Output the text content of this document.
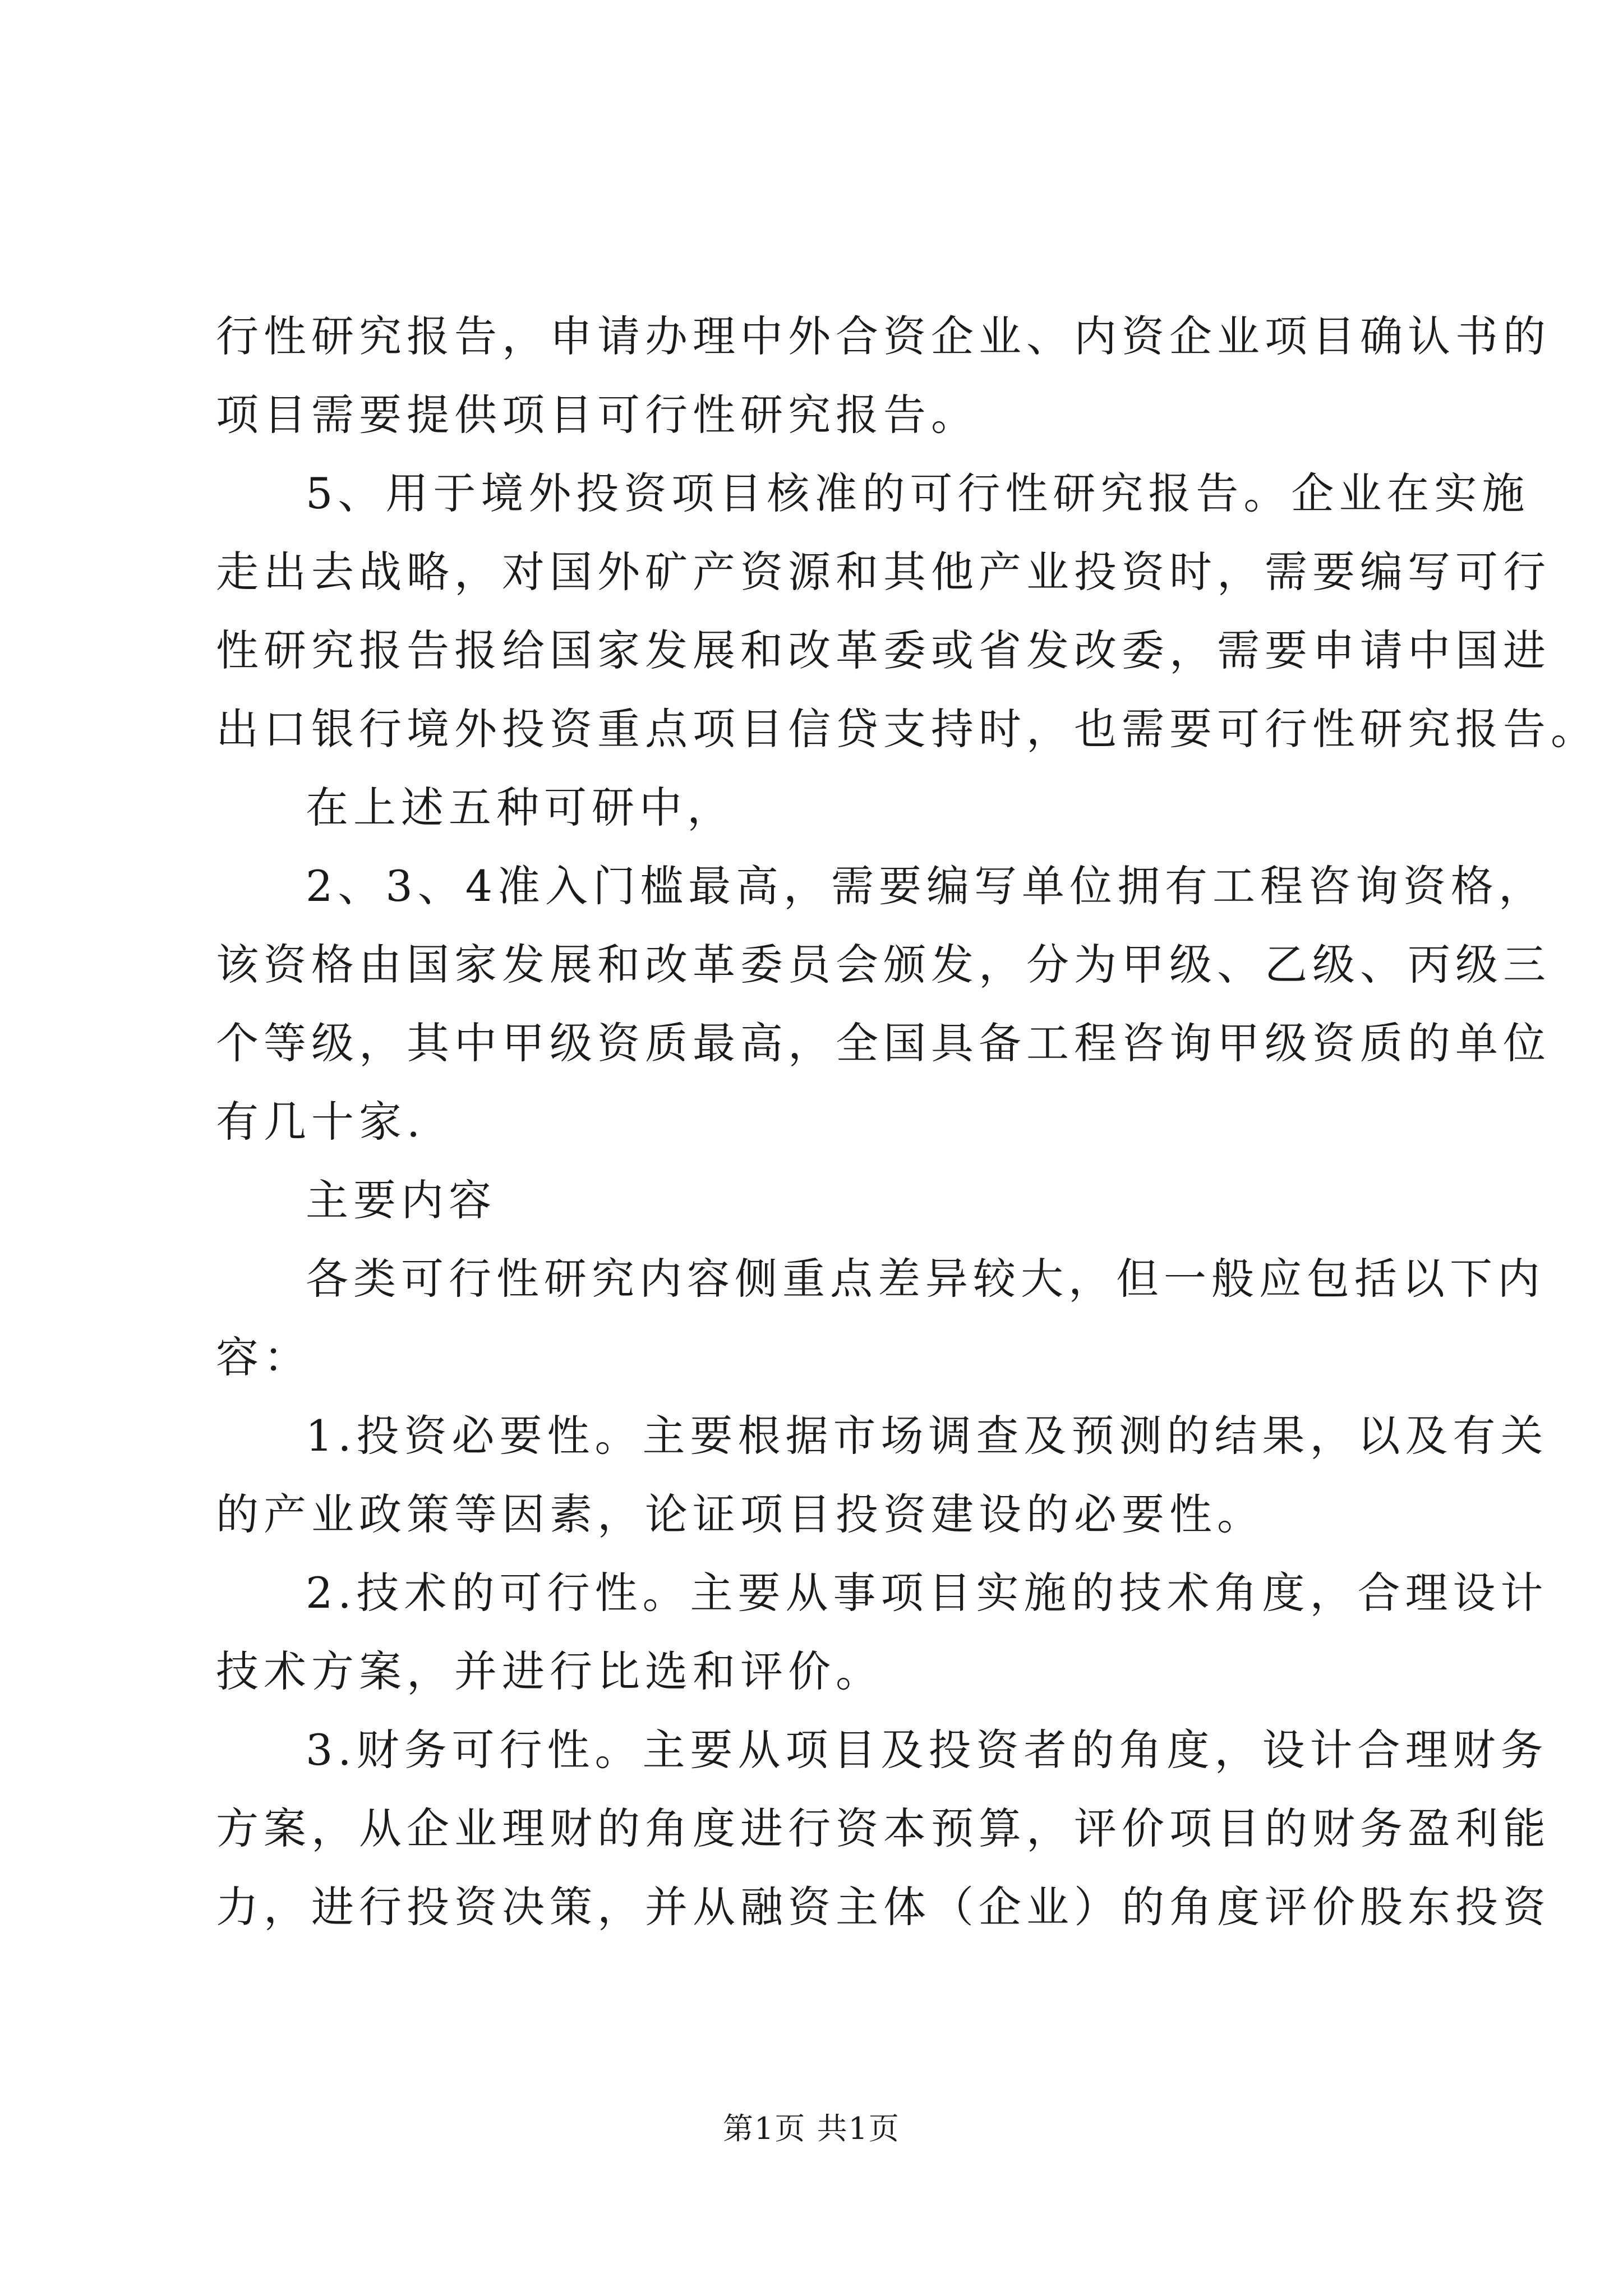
行性研究报告，申请办理中外合资企业、内资企业项目确认书的

项目需要提供项目可行性研究报告。

5、用于境外投资项目核准的可行性研究报告。企业在实施

走出去战略，对国外矿产资源和其他产业投资时，需要编写可行

性研究报告报给国家发展和改革委或省发改委，需要申请中国进

出口银行境外投资重点项目信贷支持时，也需要可行性研究报告。

在上述五种可研中，

2、3、4准入门槛最高，需要编写单位拥有工程咨询资格，

该资格由国家发展和改革委员会颁发，分为甲级、乙级、丙级三

个等级，其中甲级资质最高，全国具备工程咨询甲级资质的单位

有几十家.

主要内容

各类可行性研究内容侧重点差异较大，但一般应包括以下内

容：

1.投资必要性。主要根据市场调查及预测的结果，以及有关

的产业政策等因素，论证项目投资建设的必要性。

2.技术的可行性。主要从事项目实施的技术角度，合理设计

技术方案，并进行比选和评价。

3.财务可行性。主要从项目及投资者的角度，设计合理财务

方案，从企业理财的角度进行资本预算，评价项目的财务盈利能

力，进行投资决策，并从融资主体（企业）的角度评价股东投资

第1页 共1页
